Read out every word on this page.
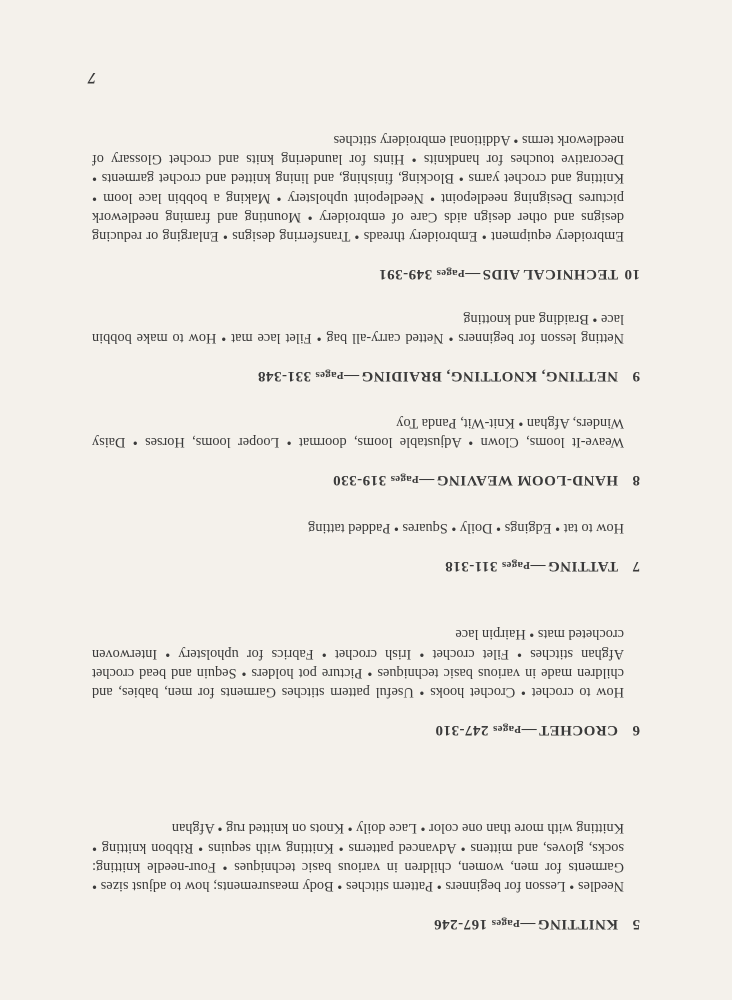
5
KNITTING
—Pages 167-246

Needles • Lesson for beginners • Pattern stitches • Body measurements; how to adjust sizes • Garments for men, women, children in various basic techniques • Four-needle knitting: socks, gloves, and mittens • Advanced patterns • Knitting with sequins • Ribbon knitting • Knitting with more than one color • Lace doily • Knots on knitted rug • Afghan

6
CROCHET
—Pages 247-310

How to crochet • Crochet hooks • Useful pattern stitches Garments for men, babies, and children made in various basic techniques • Picture pot holders • Sequin and bead crochet Afghan stitches • Filet crochet • Irish crochet • Fabrics for upholstery • Interwoven crocheted mats • Hairpin lace

7
TATTING
—Pages 311-318

How to tat • Edgings • Doily • Squares • Padded tatting

8
HAND-LOOM WEAVING
—Pages 319-330

Weave-It looms, Clown • Adjustable looms, doormat • Looper looms, Horses • Daisy Winders, Afghan • Knit-Wit, Panda Toy

9
NETTING, KNOTTING, BRAIDING
—Pages 331-348

Netting lesson for beginners • Netted carry-all bag • Filet lace mat • How to make bobbin lace • Braiding and knotting

10
TECHNICAL AIDS
—Pages 349-391

Embroidery equipment • Embroidery threads • Transferring designs • Enlarging or reducing designs and other design aids Care of embroidery • Mounting and framing needlework pictures Designing needlepoint • Needlepoint upholstery • Making a bobbin lace loom • Knitting and crochet yarns • Blocking, finishing, and lining knitted and crochet garments • Decorative touches for handknits • Hints for laundering knits and crochet Glossary of needlework terms • Additional embroidery stitches

7
